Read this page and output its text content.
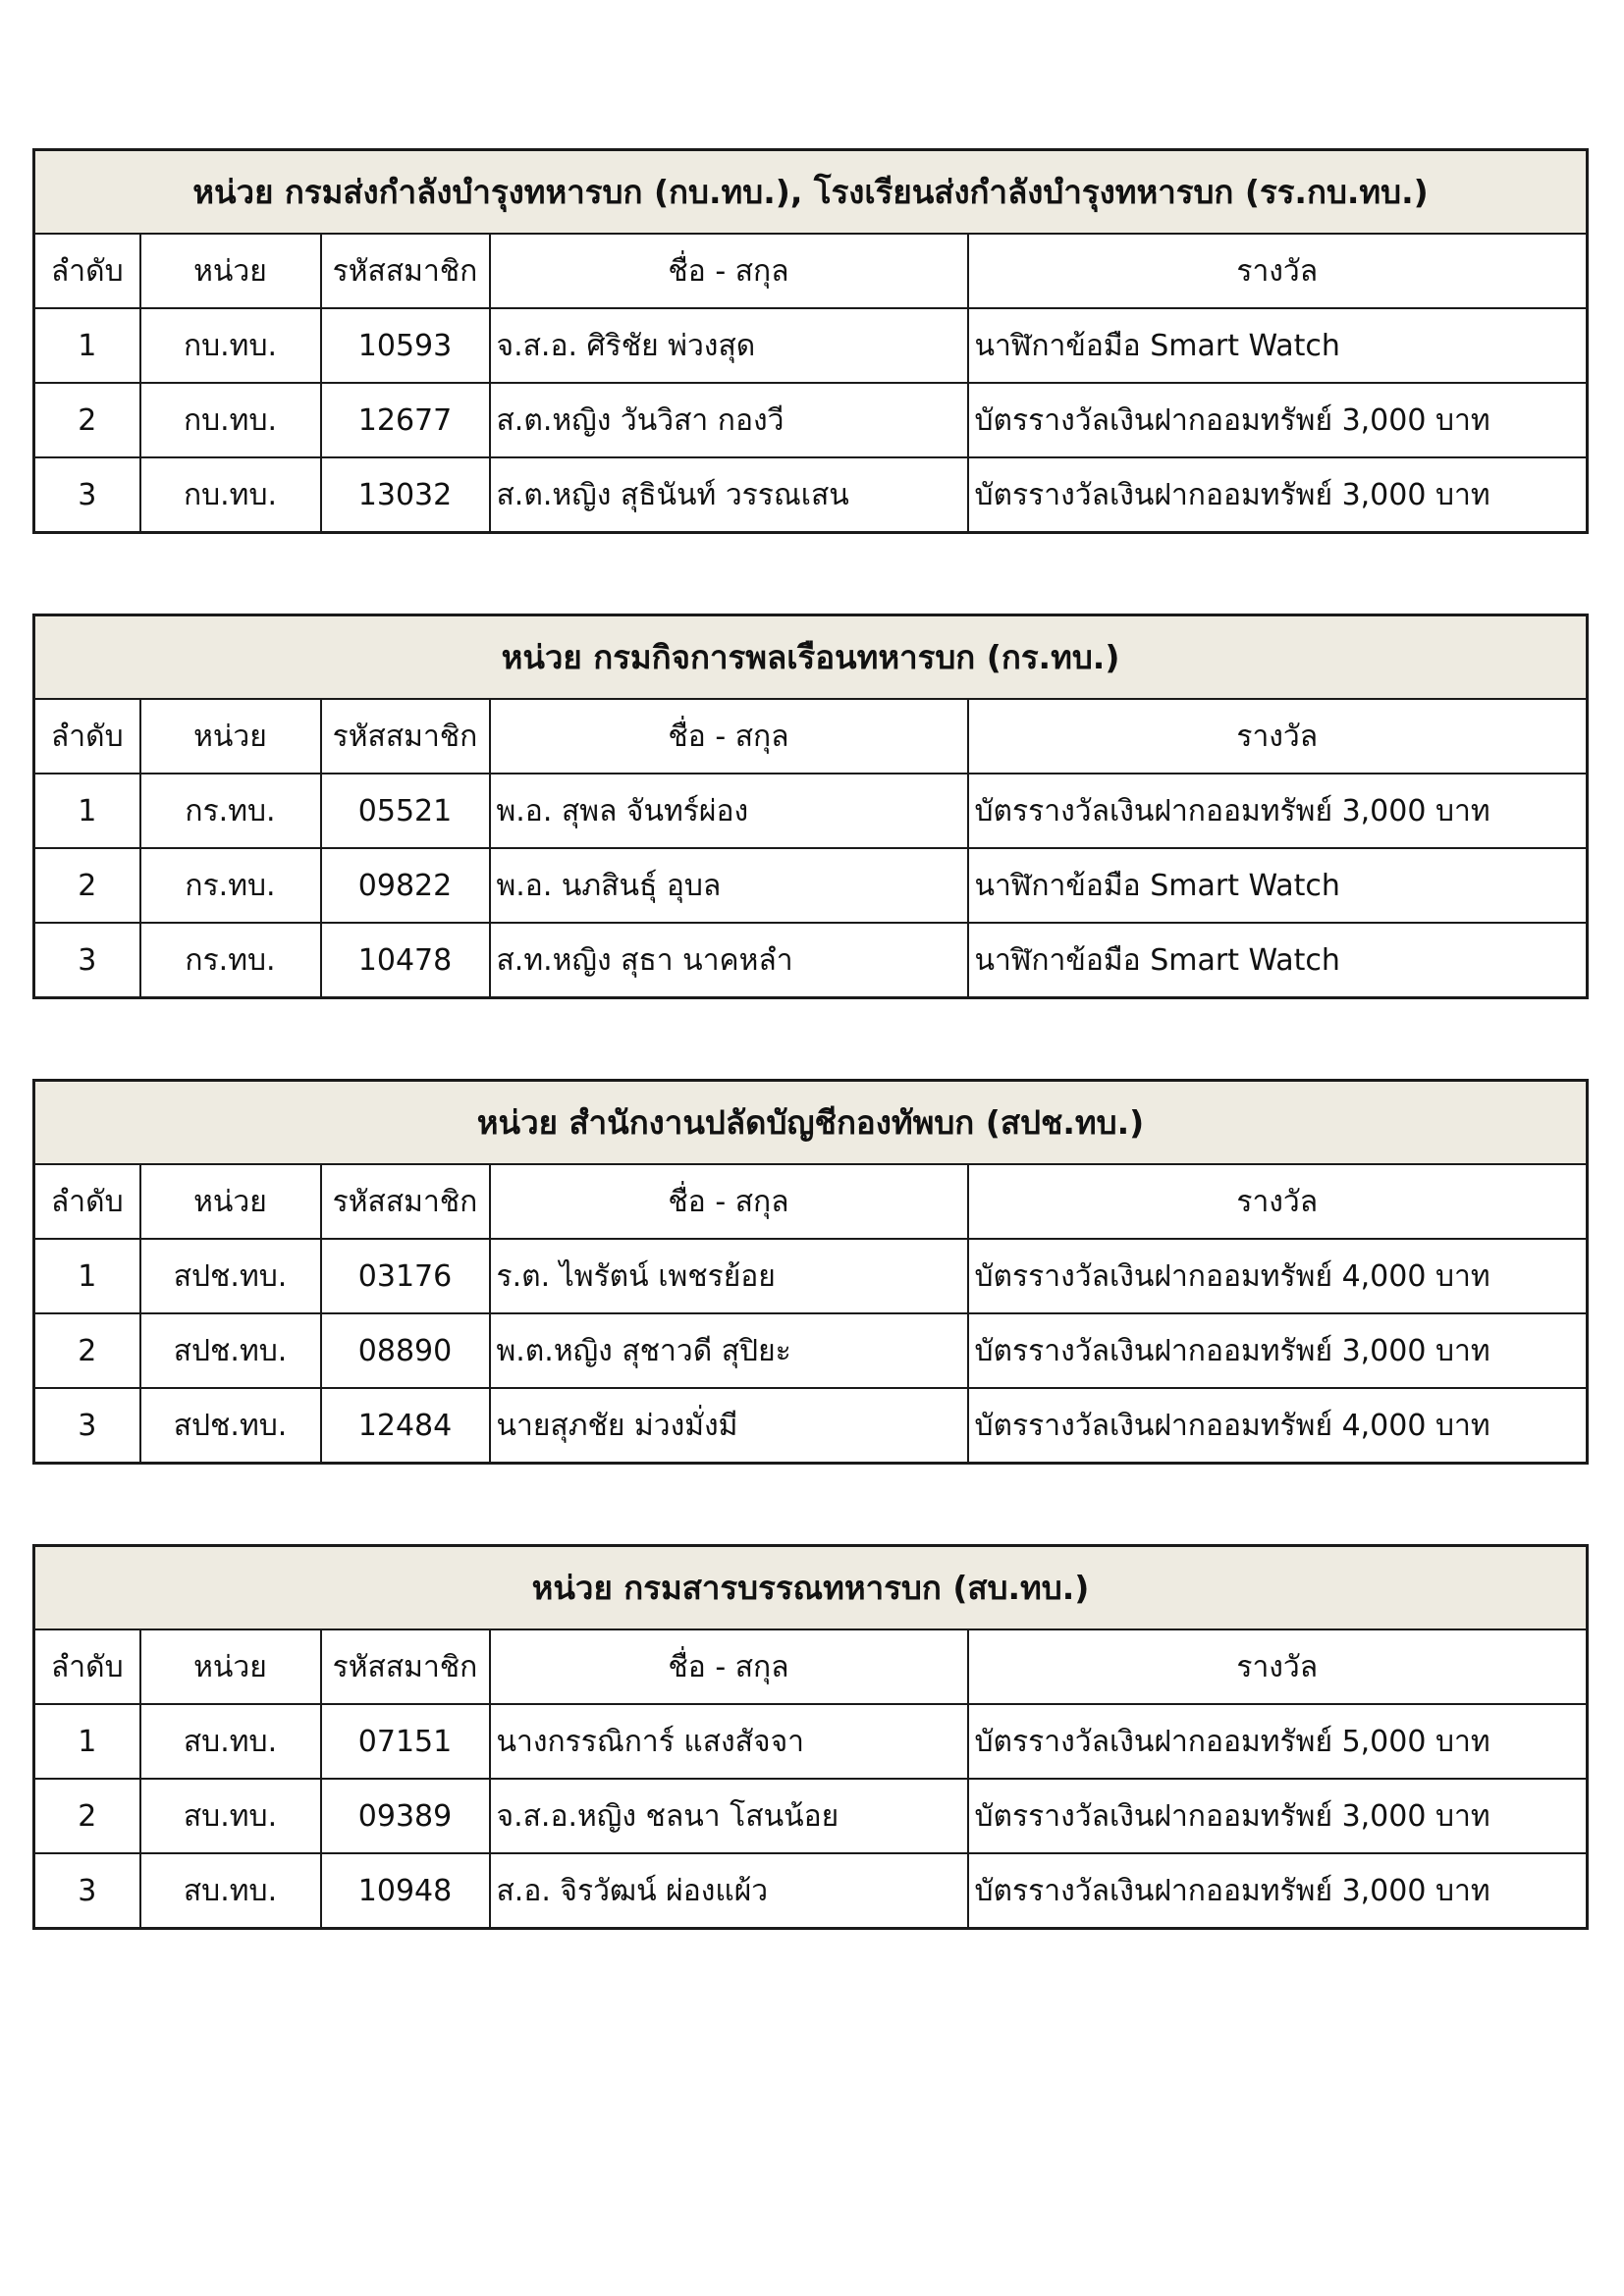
หน่วย กรมส่งกำลังบำรุงทหารบก (กบ.ทบ.), โรงเรียนส่งกำลังบำรุงทหารบก (รร.กบ.ทบ.)				
ลำดับ	หน่วย	รหัสสมาชิก	ชื่อ - สกุล	รางวัล
1	กบ.ทบ.	10593	จ.ส.อ. ศิริชัย พ่วงสุด	นาฬิกาข้อมือ Smart Watch
2	กบ.ทบ.	12677	ส.ต.หญิง วันวิสา กองวี	บัตรรางวัลเงินฝากออมทรัพย์ 3,000 บาท
3	กบ.ทบ.	13032	ส.ต.หญิง สุธินันท์ วรรณเสน	บัตรรางวัลเงินฝากออมทรัพย์ 3,000 บาท
หน่วย กรมกิจการพลเรือนทหารบก (กร.ทบ.)				
ลำดับ	หน่วย	รหัสสมาชิก	ชื่อ - สกุล	รางวัล
1	กร.ทบ.	05521	พ.อ. สุพล จันทร์ผ่อง	บัตรรางวัลเงินฝากออมทรัพย์ 3,000 บาท
2	กร.ทบ.	09822	พ.อ. นภสินธุ์ อุบล	นาฬิกาข้อมือ Smart Watch
3	กร.ทบ.	10478	ส.ท.หญิง สุธา นาคหลำ	นาฬิกาข้อมือ Smart Watch
หน่วย สำนักงานปลัดบัญชีกองทัพบก (สปช.ทบ.)				
ลำดับ	หน่วย	รหัสสมาชิก	ชื่อ - สกุล	รางวัล
1	สปช.ทบ.	03176	ร.ต. ไพรัตน์ เพชรย้อย	บัตรรางวัลเงินฝากออมทรัพย์ 4,000 บาท
2	สปช.ทบ.	08890	พ.ต.หญิง สุชาวดี สุปิยะ	บัตรรางวัลเงินฝากออมทรัพย์ 3,000 บาท
3	สปช.ทบ.	12484	นายสุภชัย ม่วงมั่งมี	บัตรรางวัลเงินฝากออมทรัพย์ 4,000 บาท
หน่วย กรมสารบรรณทหารบก (สบ.ทบ.)				
ลำดับ	หน่วย	รหัสสมาชิก	ชื่อ - สกุล	รางวัล
1	สบ.ทบ.	07151	นางกรรณิการ์ แสงสัจจา	บัตรรางวัลเงินฝากออมทรัพย์ 5,000 บาท
2	สบ.ทบ.	09389	จ.ส.อ.หญิง ชลนา โสนน้อย	บัตรรางวัลเงินฝากออมทรัพย์ 3,000 บาท
3	สบ.ทบ.	10948	ส.อ. จิรวัฒน์ ผ่องแผ้ว	บัตรรางวัลเงินฝากออมทรัพย์ 3,000 บาท
